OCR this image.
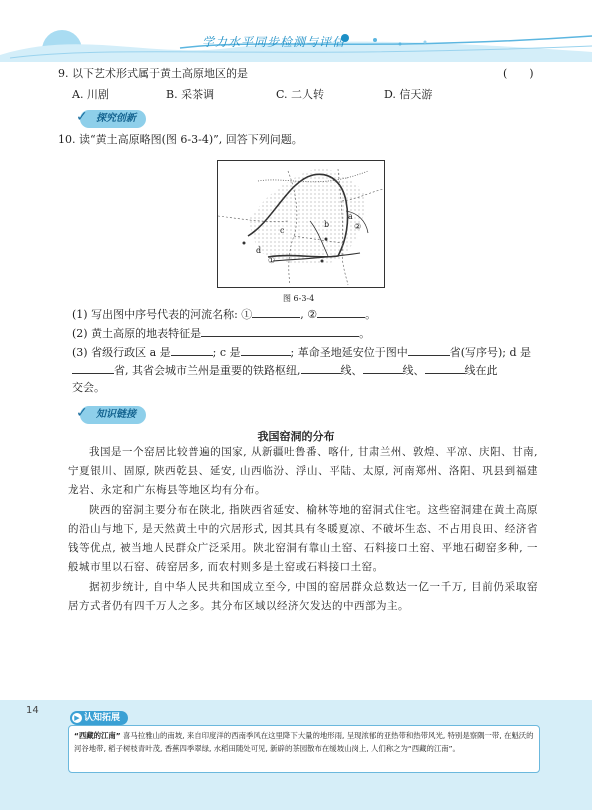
学力水平同步检测与评估
9. 以下艺术形式属于黄土高原地区的是	(　　)
A. 川剧	B. 采茶调	C. 二人转	D. 信天游
✓ 探究创新
10. 读“黄土高原略图(图 6-3-4)”, 回答下列问题。
a
b
c
d
①
②
图 6-3-4
(1) 写出图中序号代表的河流名称: ①	, ②	。
(2) 黄土高原的地表特征是	。
(3) 省级行政区 a 是	; c 是	; 革命圣地延安位于图中	省(写序号); d 是
省, 其省会城市兰州是重要的铁路枢纽,	线、	线、	线在此
交会。
✓ 知识链接
我国窑洞的分布
我国是一个窑居比较普遍的国家, 从新疆吐鲁番、喀什, 甘肃兰州、敦煌、平凉、庆阳、甘南, 宁夏银川、固原, 陕西乾县、延安, 山西临汾、浮山、平陆、太原, 河南郑州、洛阳、巩县到福建龙岩、永定和广东梅县等地区均有分布。
陕西的窑洞主要分布在陕北, 指陕西省延安、榆林等地的窑洞式住宅。这些窑洞建在黄土高原的沿山与地下, 是天然黄土中的穴居形式, 因其具有冬暖夏凉、不破坏生态、不占用良田、经济省钱等优点, 被当地人民群众广泛采用。陕北窑洞有靠山土窑、石料接口土窑、平地石砌窑多种, 一般城市里以石窑、砖窑居多, 而农村则多是土窑或石料接口土窑。
据初步统计, 自中华人民共和国成立至今, 中国的窑居群众总数达一亿一千万, 目前仍采取窑居方式者仍有四千万人之多。其分布区域以经济欠发达的中西部为主。
14
▶ 认知拓展
“西藏的江南” 喜马拉雅山的南坡, 来自印度洋的西南季风在这里降下大量的地形雨, 呈现浓郁的亚热带和热带风光, 特别是察隅一带, 在魁沃的河谷地带, 稻子树枝青叶茂, 香蕉四季翠绿, 水稻田随处可见, 新辟的茶园散布在缓坡山岗上, 人们称之为“西藏的江南”。
